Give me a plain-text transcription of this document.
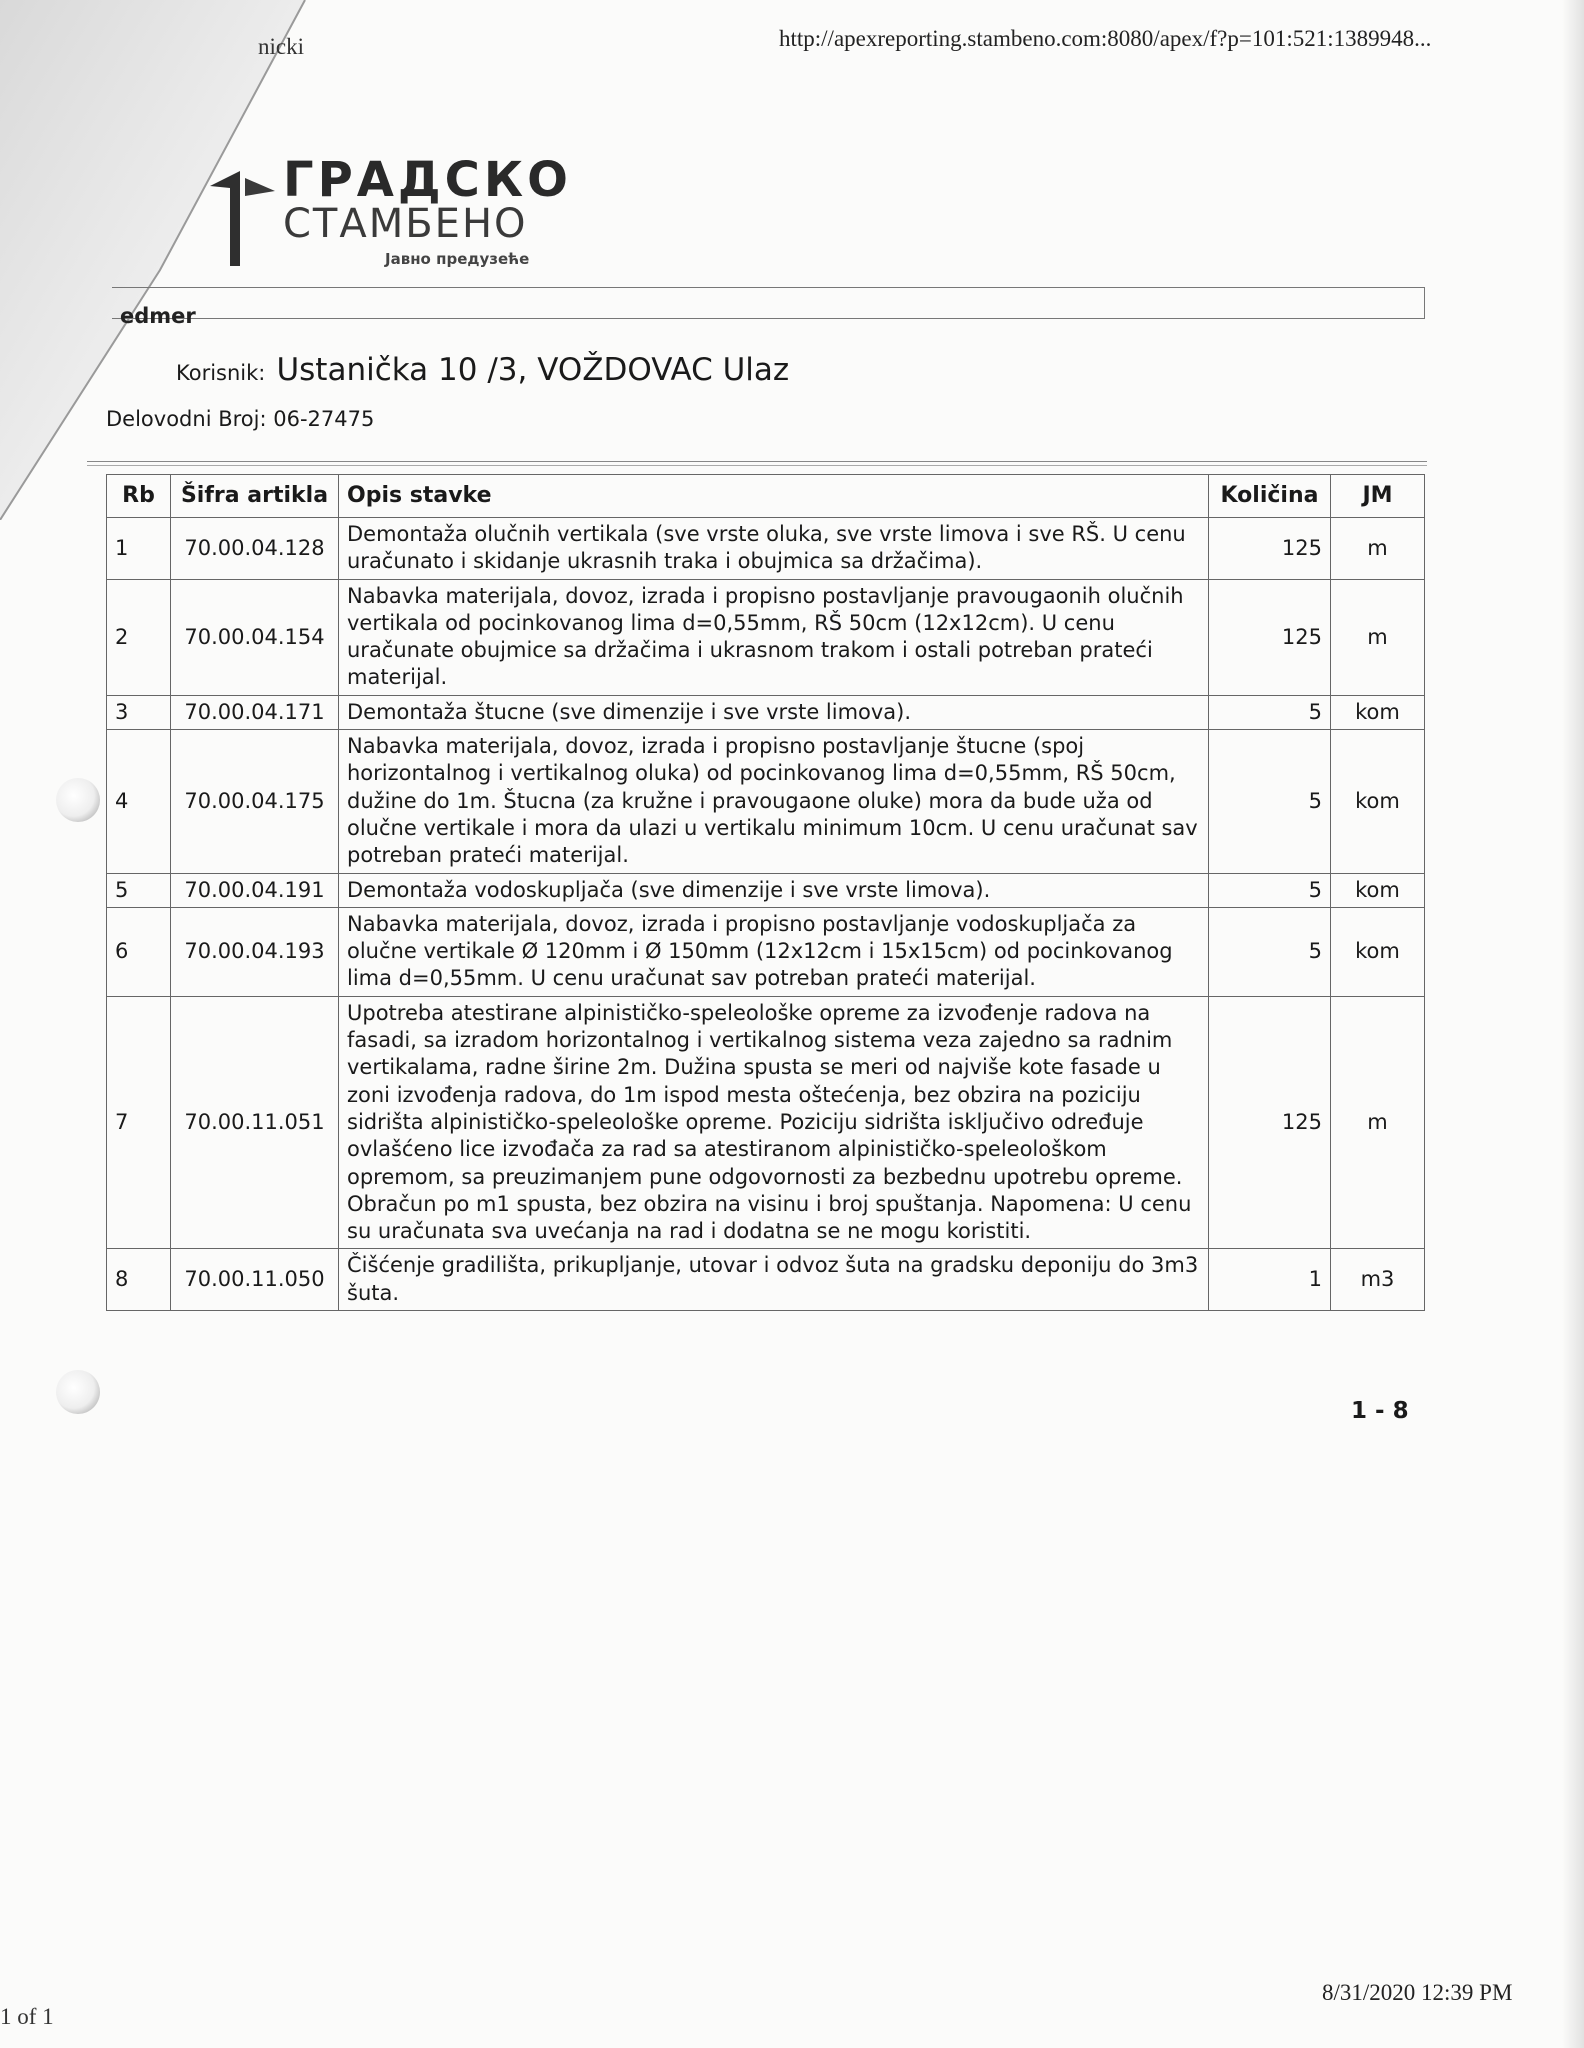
nicki	http://apexreporting.stambeno.com:8080/apex/f?p=101:521:1389948...
ГРАДСКО
СТАМБЕНО
Јавно предузеће
edmer
Korisnik: Ustanička 10 /3, VOŽDOVAC Ulaz
Delovodni Broj: 06-27475
Rb	Šifra artikla	Opis stavke	Količina	JM
1	70.00.04.128	Demontaža olučnih vertikala (sve vrste oluka, sve vrste limova i sve RŠ. U cenu uračunato i skidanje ukrasnih traka i obujmica sa držačima).	125	m
2	70.00.04.154	Nabavka materijala, dovoz, izrada i propisno postavljanje pravougaonih olučnih vertikala od pocinkovanog lima d=0,55mm, RŠ 50cm (12x12cm). U cenu uračunate obujmice sa držačima i ukrasnom trakom i ostali potreban prateći materijal.	125	m
3	70.00.04.171	Demontaža štucne (sve dimenzije i sve vrste limova).	5	kom
4	70.00.04.175	Nabavka materijala, dovoz, izrada i propisno postavljanje štucne (spoj horizontalnog i vertikalnog oluka) od pocinkovanog lima d=0,55mm, RŠ 50cm, dužine do 1m. Štucna (za kružne i pravougaone oluke) mora da bude uža od olučne vertikale i mora da ulazi u vertikalu minimum 10cm. U cenu uračunat sav potreban prateći materijal.	5	kom
5	70.00.04.191	Demontaža vodoskupljača (sve dimenzije i sve vrste limova).	5	kom
6	70.00.04.193	Nabavka materijala, dovoz, izrada i propisno postavljanje vodoskupljača za olučne vertikale Ø 120mm i Ø 150mm (12x12cm i 15x15cm) od pocinkovanog lima d=0,55mm. U cenu uračunat sav potreban prateći materijal.	5	kom
7	70.00.11.051	Upotreba atestirane alpinističko-speleološke opreme za izvođenje radova na fasadi, sa izradom horizontalnog i vertikalnog sistema veza zajedno sa radnim vertikalama, radne širine 2m. Dužina spusta se meri od najviše kote fasade u zoni izvođenja radova, do 1m ispod mesta oštećenja, bez obzira na poziciju sidrišta alpinističko-speleološke opreme. Poziciju sidrišta isključivo određuje ovlašćeno lice izvođača za rad sa atestiranom alpinističko-speleološkom opremom, sa preuzimanjem pune odgovornosti za bezbednu upotrebu opreme. Obračun po m1 spusta, bez obzira na visinu i broj spuštanja. Napomena: U cenu su uračunata sva uvećanja na rad i dodatna se ne mogu koristiti.	125	m
8	70.00.11.050	Čišćenje gradilišta, prikupljanje, utovar i odvoz šuta na gradsku deponiju do 3m3 šuta.	1	m3
1 - 8
1 of 1
8/31/2020 12:39 PM
